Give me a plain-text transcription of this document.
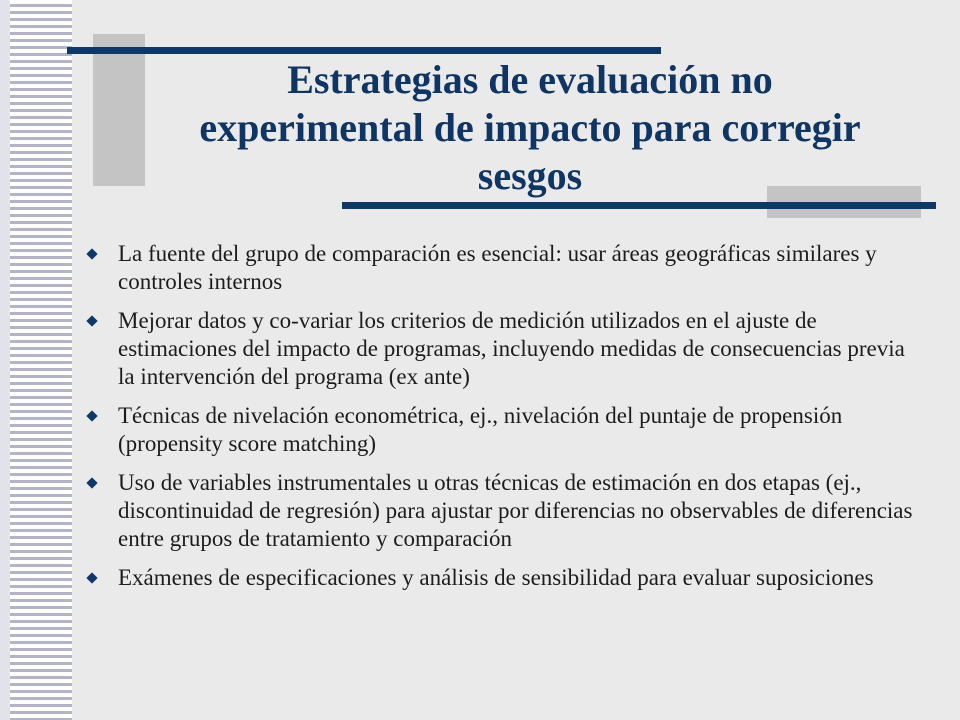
Estrategias de evaluación no experimental de impacto para corregir sesgos
La fuente del grupo de comparación es esencial: usar áreas geográficas similares y controles internos
Mejorar datos y co-variar los criterios de medición utilizados en el ajuste de estimaciones del impacto de programas, incluyendo medidas de consecuencias previa la intervención del programa (ex ante)
Técnicas de nivelación econométrica, ej., nivelación del puntaje de propensión (propensity score matching)
Uso de variables instrumentales u otras técnicas de estimación en dos etapas (ej., discontinuidad de regresión) para ajustar por diferencias no observables de diferencias entre grupos de tratamiento y comparación
Exámenes de especificaciones y análisis de sensibilidad para evaluar suposiciones
